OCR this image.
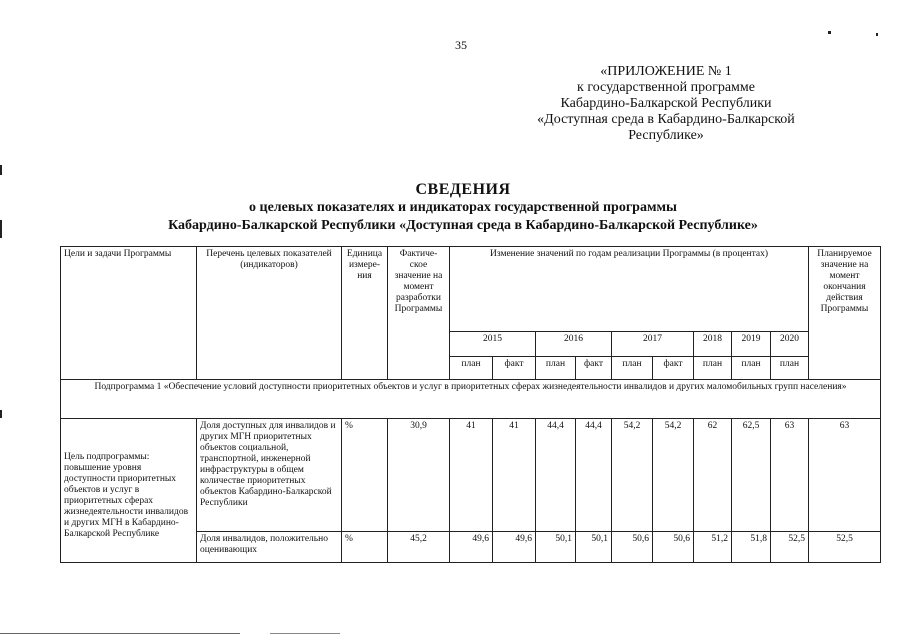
35
«ПРИЛОЖЕНИЕ № 1
к государственной программе
Кабардино-Балкарской Республики
«Доступная среда в Кабардино-Балкарской
Республике»
СВЕДЕНИЯ
о целевых показателях и индикаторах государственной программы
Кабардино-Балкарской Республики «Доступная среда в Кабардино-Балкарской Республике»
Цели и задачи Программы	Перечень целевых показателей (индикаторов)	Единица измере-ния	Фактиче-ское значение на момент разработки Программы	Изменение значений по годам реализации Программы (в процентах)									Планируемое значение на момент окончания действия Программы
				2015		2016		2017		2018	2019	2020	
				план	факт	план	факт	план	факт	план	план	план	
Подпрограмма 1 «Обеспечение условий доступности приоритетных объектов и услуг в приоритетных сферах жизнедеятельности инвалидов и других маломобильных групп населения»													

Цель подпрограммы: повышение уровня доступности приоритетных объектов и услуг в приоритетных сферах жизнедеятельности инвалидов и других МГН в Кабардино-Балкарской Республике	Доля доступных для инвалидов и других МГН приоритетных объектов социальной, транспортной, инженерной инфраструктуры в общем количестве приоритетных объектов Кабардино-Балкарской Республики	%	30,9	41	41	44,4	44,4	54,2	54,2	62	62,5	63	63
	Доля инвалидов, положительно оценивающих	%	45,2	49,6	49,6	50,1	50,1	50,6	50,6	51,2	51,8	52,5	52,5
